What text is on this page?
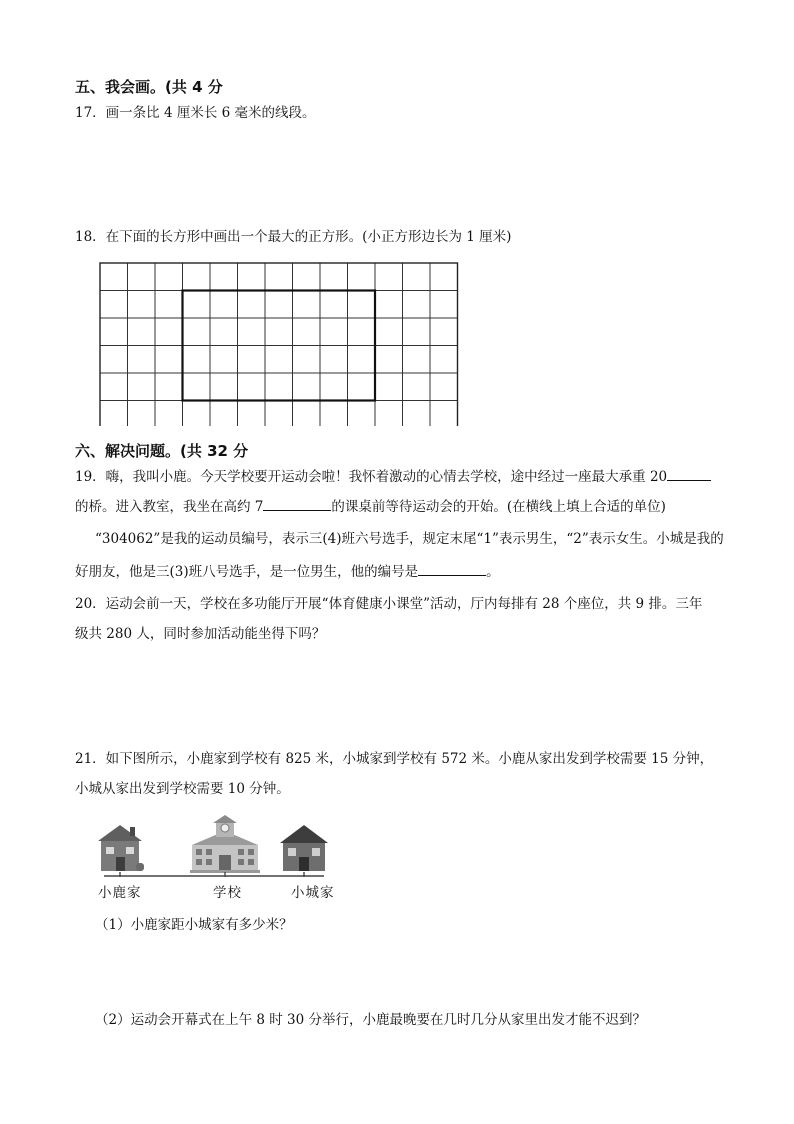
五、我会画。(共 4 分
17．画一条比 4 厘米长 6 毫米的线段。
18．在下面的长方形中画出一个最大的正方形。(小正方形边长为 1 厘米)
六、解决问题。(共 32 分
19．嗨，我叫小鹿。今天学校要开运动会啦！我怀着激动的心情去学校，途中经过一座最大承重 20
的桥。进入教室，我坐在高约 7	的课桌前等待运动会的开始。(在横线上填上合适的单位)
“304062”是我的运动员编号，表示三(4)班六号选手，规定末尾“1”表示男生，“2”表示女生。小城是我的
好朋友，他是三(3)班八号选手，是一位男生，他的编号是	。
20．运动会前一天，学校在多功能厅开展“体育健康小课堂”活动，厅内每排有 28 个座位，共 9 排。三年
级共 280 人，同时参加活动能坐得下吗？
21．如下图所示，小鹿家到学校有 825 米，小城家到学校有 572 米。小鹿从家出发到学校需要 15 分钟，
小城从家出发到学校需要 10 分钟。
小鹿家	学校	小城家
（1）小鹿家距小城家有多少米？
（2）运动会开幕式在上午 8 时 30 分举行，小鹿最晚要在几时几分从家里出发才能不迟到？
